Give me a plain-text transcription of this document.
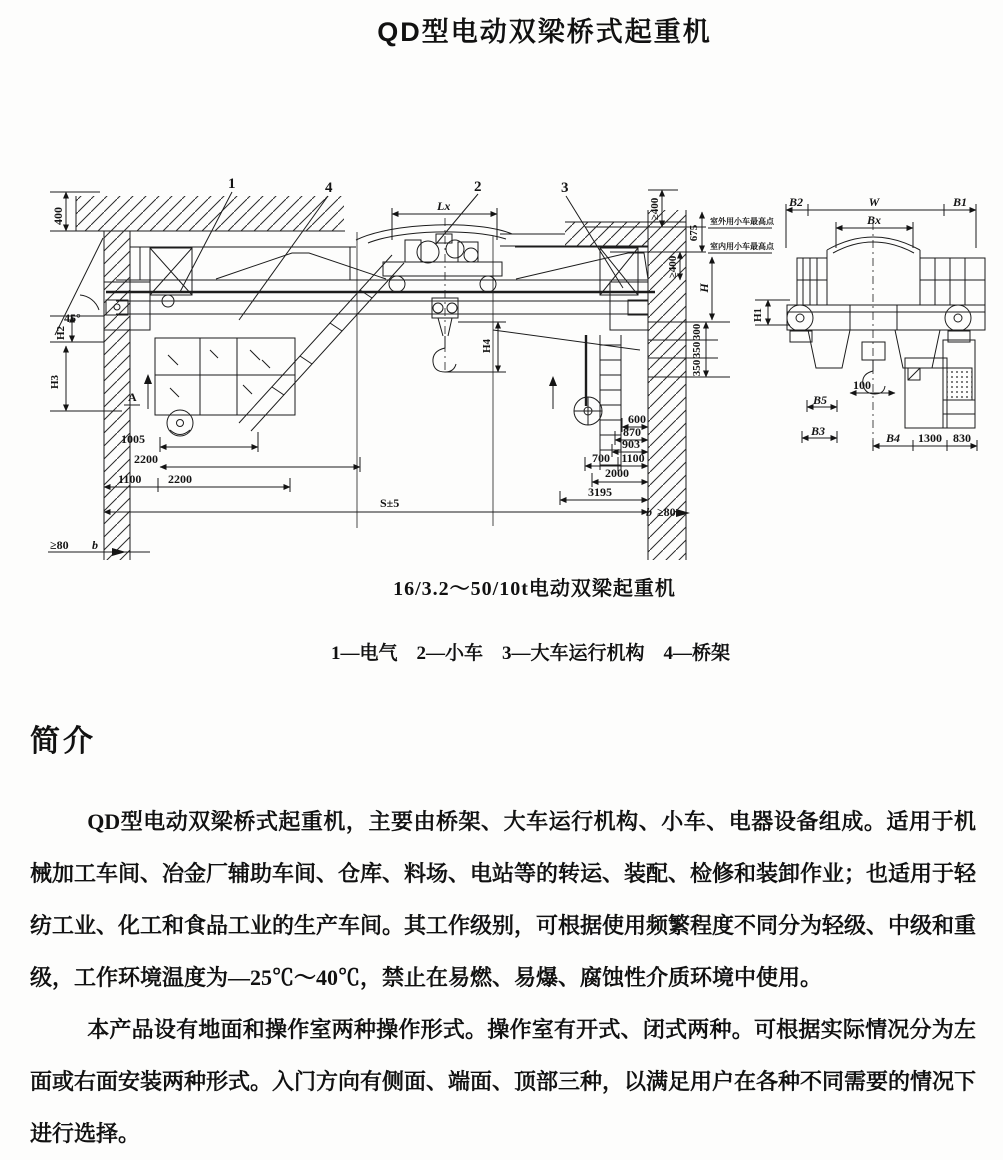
QD型电动双梁桥式起重机
400
45°
H2
H3
A
1005
2200
1100 2200
≥80 b
S±5
Lx
H4
≥400
675
≥400
H
300
350
350
600
870
903
700 1100
2000
3195
b ≥80
室外用小车最高点
室内用小车最高点
B2	W	B1
Bx
H1
100
B5
B3	B4 1300 830
1	4	2	3
16/3.2～50/10t电动双梁起重机
1—电气　2—小车　3—大车运行机构　4—桥架
简介

QD型电动双梁桥式起重机，主要由桥架、大车运行机构、小车、电器设备组成。适用于机械加工车间、冶金厂辅助车间、仓库、料场、电站等的转运、装配、检修和装卸作业；也适用于轻纺工业、化工和食品工业的生产车间。其工作级别，可根据使用频繁程度不同分为轻级、中级和重级，工作环境温度为—25℃～40℃，禁止在易燃、易爆、腐蚀性介质环境中使用。

本产品设有地面和操作室两种操作形式。操作室有开式、闭式两种。可根据实际情况分为左面或右面安装两种形式。入门方向有侧面、端面、顶部三种，以满足用户在各种不同需要的情况下进行选择。
